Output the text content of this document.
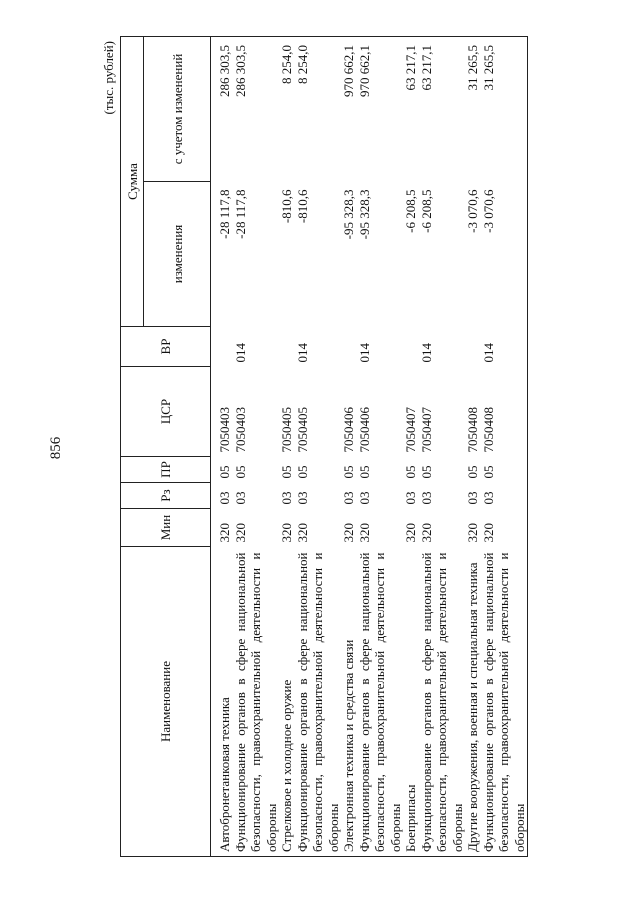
856
(тыс. рублей)
Наименование	Мин	Рз	ПР	ЦСР	ВР	Сумма	
						изменения	с учетом изменений
Автобронетанковая техника	320	03	05	7050403		-28 117,8	286 303,5
Функционирование органов в сфере национальной безопасности, правоохранительной деятельности и обороны	320	03	05	7050403	014	-28 117,8	286 303,5
Стрелковое и холодное оружие	320	03	05	7050405		-810,6	8 254,0
Функционирование органов в сфере национальной безопасности, правоохранительной деятельности и обороны	320	03	05	7050405	014	-810,6	8 254,0
Электронная техника и средства связи	320	03	05	7050406		-95 328,3	970 662,1
Функционирование органов в сфере национальной безопасности, правоохранительной деятельности и обороны	320	03	05	7050406	014	-95 328,3	970 662,1
Боеприпасы	320	03	05	7050407		-6 208,5	63 217,1
Функционирование органов в сфере национальной безопасности, правоохранительной деятельности и обороны	320	03	05	7050407	014	-6 208,5	63 217,1
Другие вооружения, военная и специальная техника	320	03	05	7050408		-3 070,6	31 265,5
Функционирование органов в сфере национальной безопасности, правоохранительной деятельности и обороны	320	03	05	7050408	014	-3 070,6	31 265,5
